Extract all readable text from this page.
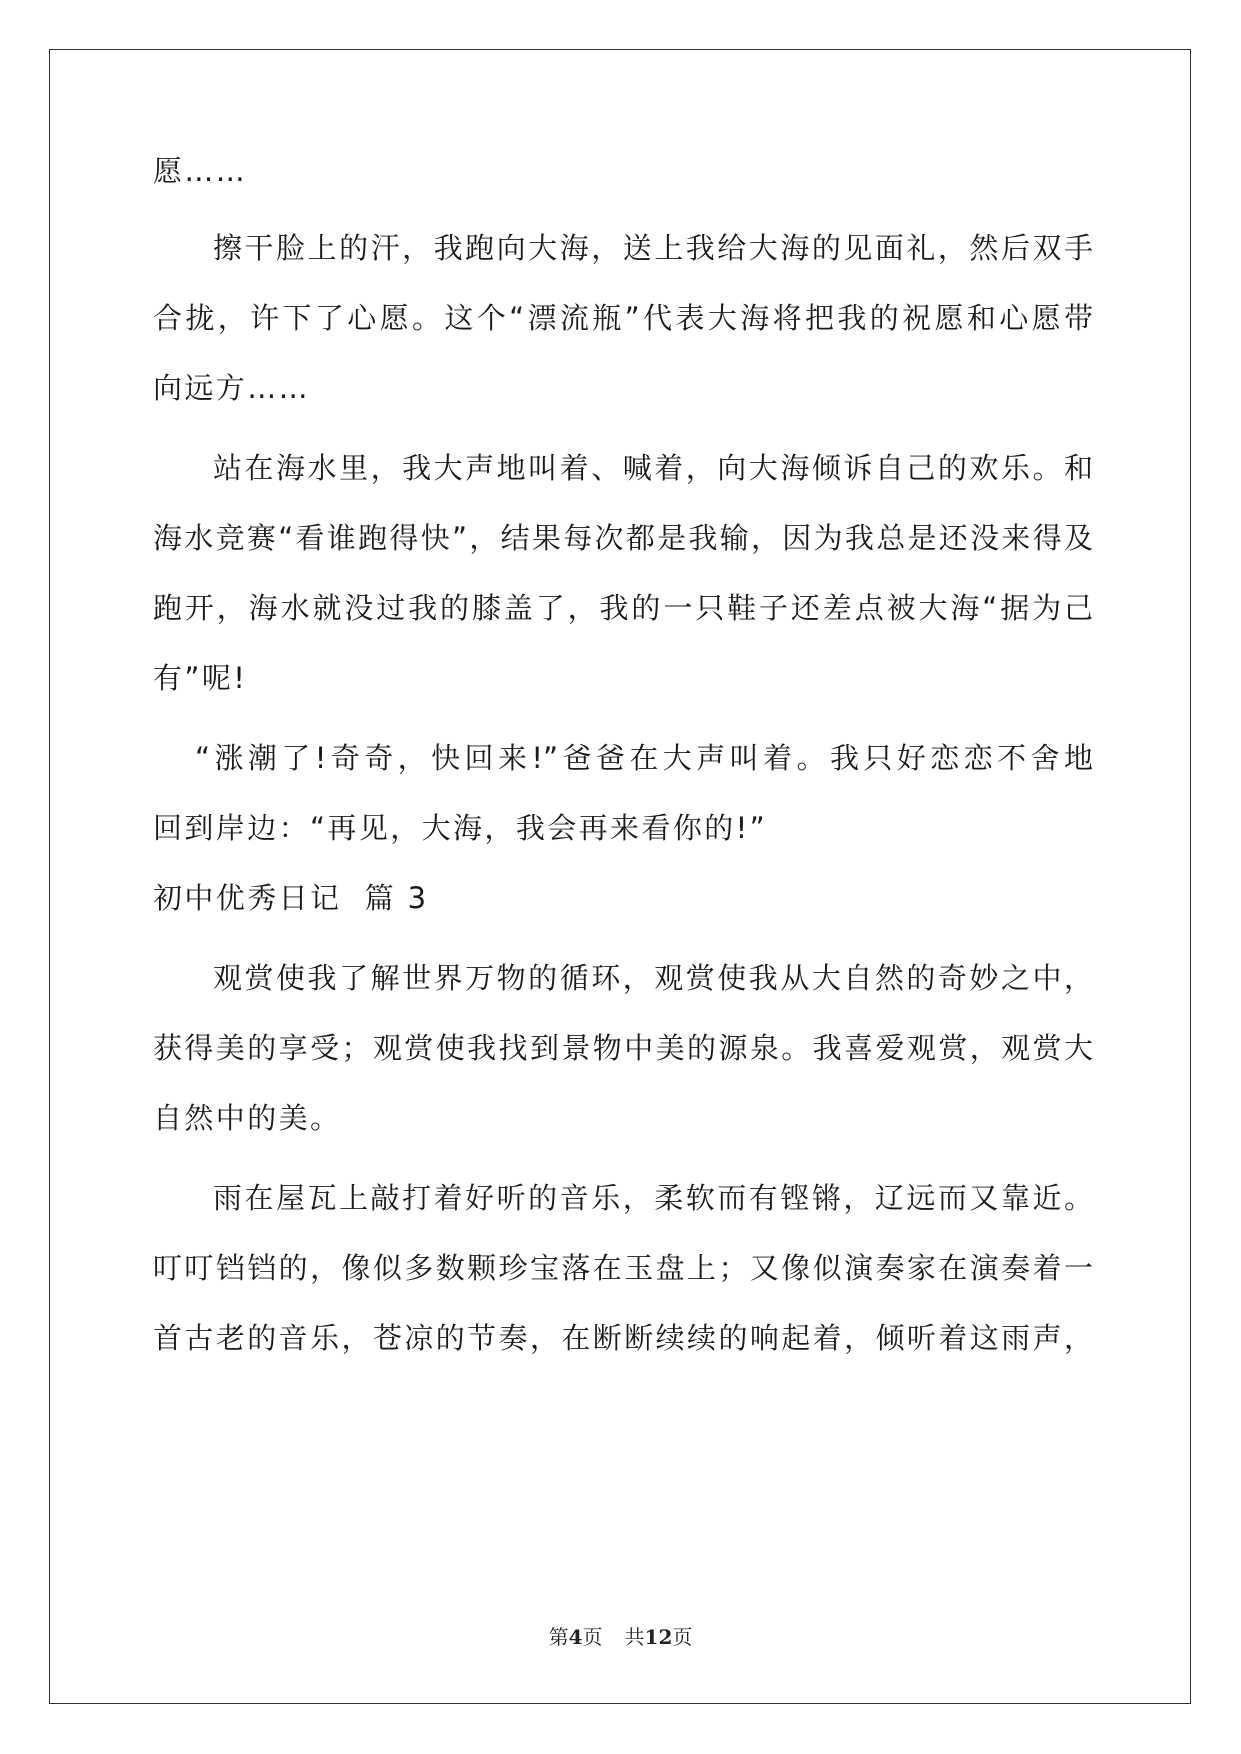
愿……
擦干脸上的汗，我跑向大海，送上我给大海的见面礼，然后双手
合拢，许下了心愿。这个“漂流瓶”代表大海将把我的祝愿和心愿带
向远方……
站在海水里，我大声地叫着、喊着，向大海倾诉自己的欢乐。和
海水竞赛“看谁跑得快”，结果每次都是我输，因为我总是还没来得及
跑开，海水就没过我的膝盖了，我的一只鞋子还差点被大海“据为己
有”呢!
“涨潮了!奇奇，快回来!”爸爸在大声叫着。我只好恋恋不舍地
回到岸边：“再见，大海，我会再来看你的!”
初中优秀日记  篇 3
观赏使我了解世界万物的循环，观赏使我从大自然的奇妙之中，
获得美的享受；观赏使我找到景物中美的源泉。我喜爱观赏，观赏大
自然中的美。
雨在屋瓦上敲打着好听的音乐，柔软而有铿锵，辽远而又靠近。
叮叮铛铛的，像似多数颗珍宝落在玉盘上；又像似演奏家在演奏着一
首古老的音乐，苍凉的节奏，在断断续续的响起着，倾听着这雨声，
第4页 共12页
